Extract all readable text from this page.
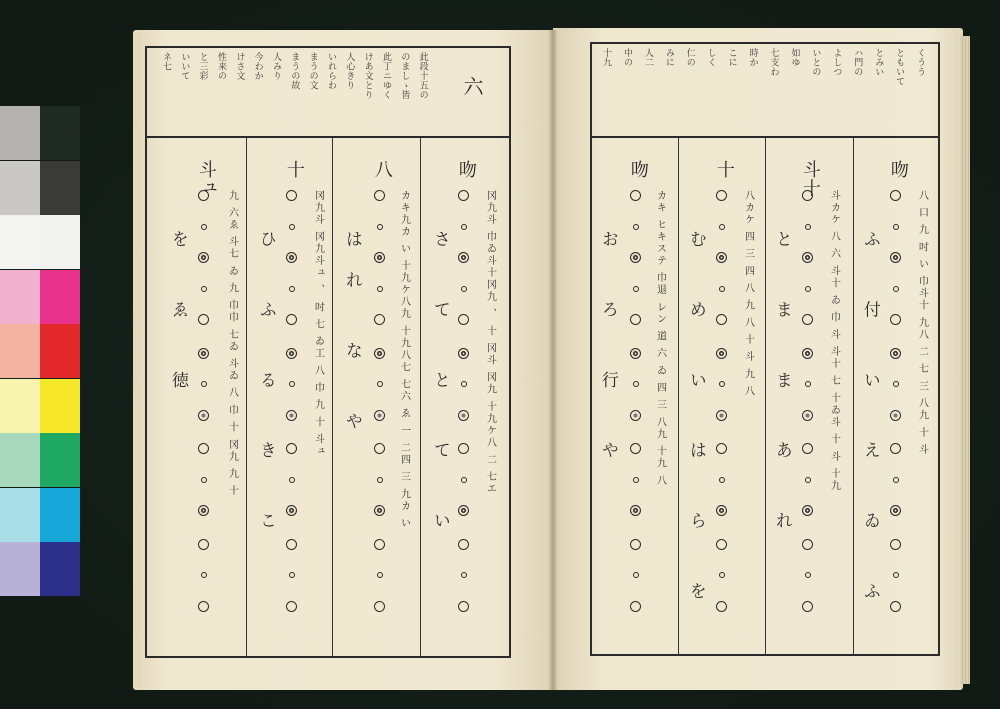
六
此段十五の
のましゝ皆
此丁ニゆく
けあ文とり
人心きり
いれらわ
まうの文
まうの故
人みり
今わか
けさ文
性来の
と三彩
いいて
ネ七
吻
冈九斗 巾ゐ斗十冈九 、 十 冈斗 冈九 十九ケ八 二 七エ
八
カキ九カ い 十九ケ八九 十九八七 七六 ゑ 一 二四 三 九カ い
十
冈九斗 冈九斗ュ 、 吋 七 ゐ工 八 巾 九 十 斗ュ
斗ュ
九 六ゑ 斗七 ゐ 九 巾巾 七ゐ 斗ゐ 八 巾 十 冈九 九 十	さ て と て い
はれ な や
ひ ふ る き こ
を ゑ 徳
くうう
ともいて
とみい
ハ門の
よしつ
いとの
如ゆ
七支わ
時か
こに
しく
仁の
みに
人二
中の
十九
吻
八 口 九 吋 い 巾斗十 九八 二 七 三 八九 十 斗
斗十
斗カケ 八 六 斗十 ゐ 巾 斗 斗十 七 十ゐ斗 十 斗 十九
十
八カケ 四 三 四 八 九 八 十 斗 九 八
吻
カキ ヒキステ 巾退 レン 道 六 ゐ 四 三 八九 十九 八	ふ 付 い え ゐ ふ
と ま ま あ れ
む め い は ら を
お ろ 行 や
